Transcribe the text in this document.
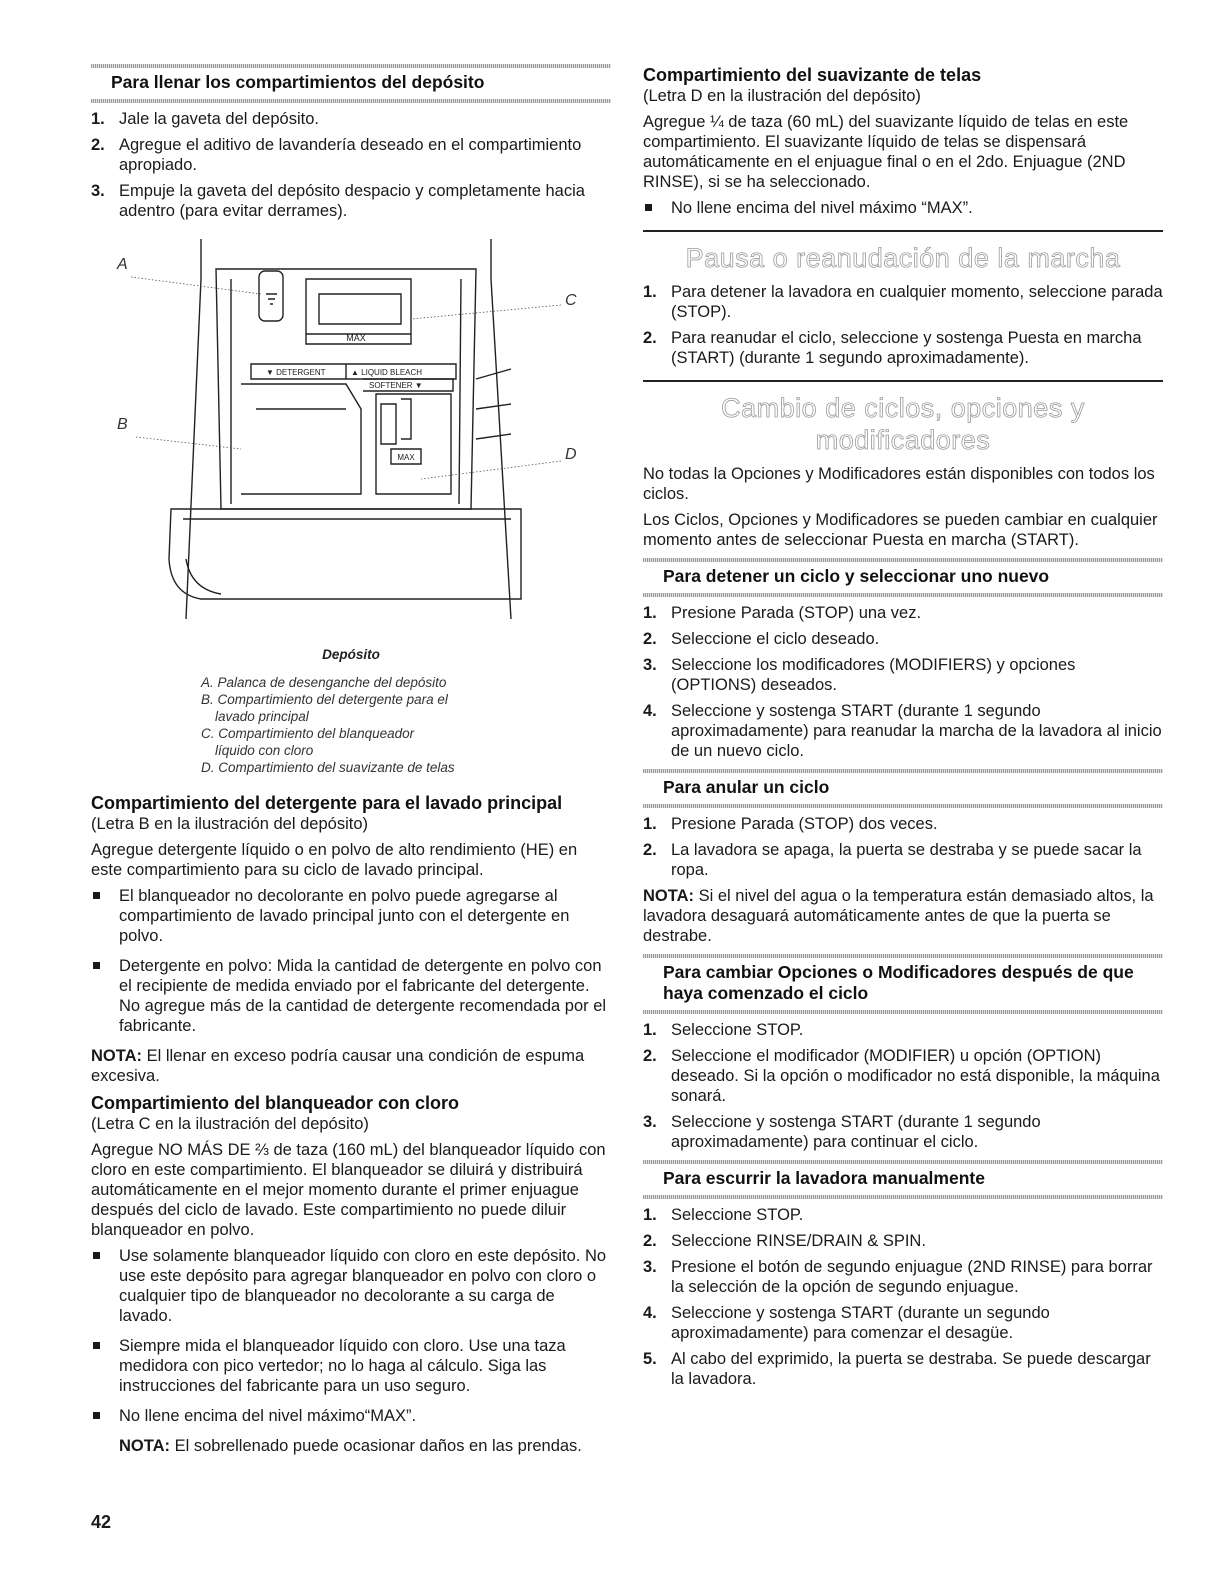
Para llenar los compartimientos del depósito
1. Jale la gaveta del depósito.
2. Agregue el aditivo de lavandería deseado en el compartimiento apropiado.
3. Empuje la gaveta del depósito despacio y completamente hacia adentro (para evitar derrames).
MAX
▼ DETERGENT	▲ LIQUID BLEACH
SOFTENER ▼
MAX
A
B
C
D
Depósito
A. Palanca de desenganche del depósito
B. Compartimiento del detergente para el
lavado principal
C. Compartimiento del blanqueador
líquido con cloro
D. Compartimiento del suavizante de telas
Compartimiento del detergente para el lavado principal

(Letra B en la ilustración del depósito)

Agregue detergente líquido o en polvo de alto rendimiento (HE) en este compartimiento para su ciclo de lavado principal.

El blanqueador no decolorante en polvo puede agregarse al compartimiento de lavado principal junto con el detergente en polvo.
Detergente en polvo: Mida la cantidad de detergente en polvo con el recipiente de medida enviado por el fabricante del detergente. No agregue más de la cantidad de detergente recomendada por el fabricante.

NOTA: El llenar en exceso podría causar una condición de espuma excesiva.

Compartimiento del blanqueador con cloro

(Letra C en la ilustración del depósito)

Agregue NO MÁS DE ⅔ de taza (160 mL) del blanqueador líquido con cloro en este compartimiento. El blanqueador se diluirá y distribuirá automáticamente en el mejor momento durante el primer enjuague después del ciclo de lavado. Este compartimiento no puede diluir blanqueador en polvo.

Use solamente blanqueador líquido con cloro en este depósito. No use este depósito para agregar blanqueador en polvo con cloro o cualquier tipo de blanqueador no decolorante a su carga de lavado.
Siempre mida el blanqueador líquido con cloro. Use una taza medidora con pico vertedor; no lo haga al cálculo. Siga las instrucciones del fabricante para un uso seguro.
No llene encima del nivel máximo“MAX”.

NOTA: El sobrellenado puede ocasionar daños en las prendas.

Compartimiento del suavizante de telas

(Letra D en la ilustración del depósito)

Agregue ¼ de taza (60 mL) del suavizante líquido de telas en este compartimiento. El suavizante líquido de telas se dispensará automáticamente en el enjuague final o en el 2do. Enjuague (2ND RINSE), si se ha seleccionado.

No llene encima del nivel máximo “MAX”.
Pausa o reanudación de la marcha
1. Para detener la lavadora en cualquier momento, seleccione parada (STOP).
2. Para reanudar el ciclo, seleccione y sostenga Puesta en marcha (START) (durante 1 segundo aproximadamente).
Cambio de ciclos, opciones y
modificadores

No todas la Opciones y Modificadores están disponibles con todos los ciclos.

Los Ciclos, Opciones y Modificadores se pueden cambiar en cualquier momento antes de seleccionar Puesta en marcha (START).

Para detener un ciclo y seleccionar uno nuevo
1. Presione Parada (STOP) una vez.
2. Seleccione el ciclo deseado.
3. Seleccione los modificadores (MODIFIERS) y opciones (OPTIONS) deseados.
4. Seleccione y sostenga START (durante 1 segundo aproximadamente) para reanudar la marcha de la lavadora al inicio de un nuevo ciclo.
Para anular un ciclo
1. Presione Parada (STOP) dos veces.
2. La lavadora se apaga, la puerta se destraba y se puede sacar la ropa.

NOTA: Si el nivel del agua o la temperatura están demasiado altos, la lavadora desaguará automáticamente antes de que la puerta se destrabe.

Para cambiar Opciones o Modificadores después de que haya comenzado el ciclo
1. Seleccione STOP.
2. Seleccione el modificador (MODIFIER) u opción (OPTION) deseado. Si la opción o modificador no está disponible, la máquina sonará.
3. Seleccione y sostenga START (durante 1 segundo aproximadamente) para continuar el ciclo.
Para escurrir la lavadora manualmente
1. Seleccione STOP.
2. Seleccione RINSE/DRAIN & SPIN.
3. Presione el botón de segundo enjuague (2ND RINSE) para borrar la selección de la opción de segundo enjuague.
4. Seleccione y sostenga START (durante un segundo aproximadamente) para comenzar el desagüe.
5. Al cabo del exprimido, la puerta se destraba. Se puede descargar la lavadora.
42
